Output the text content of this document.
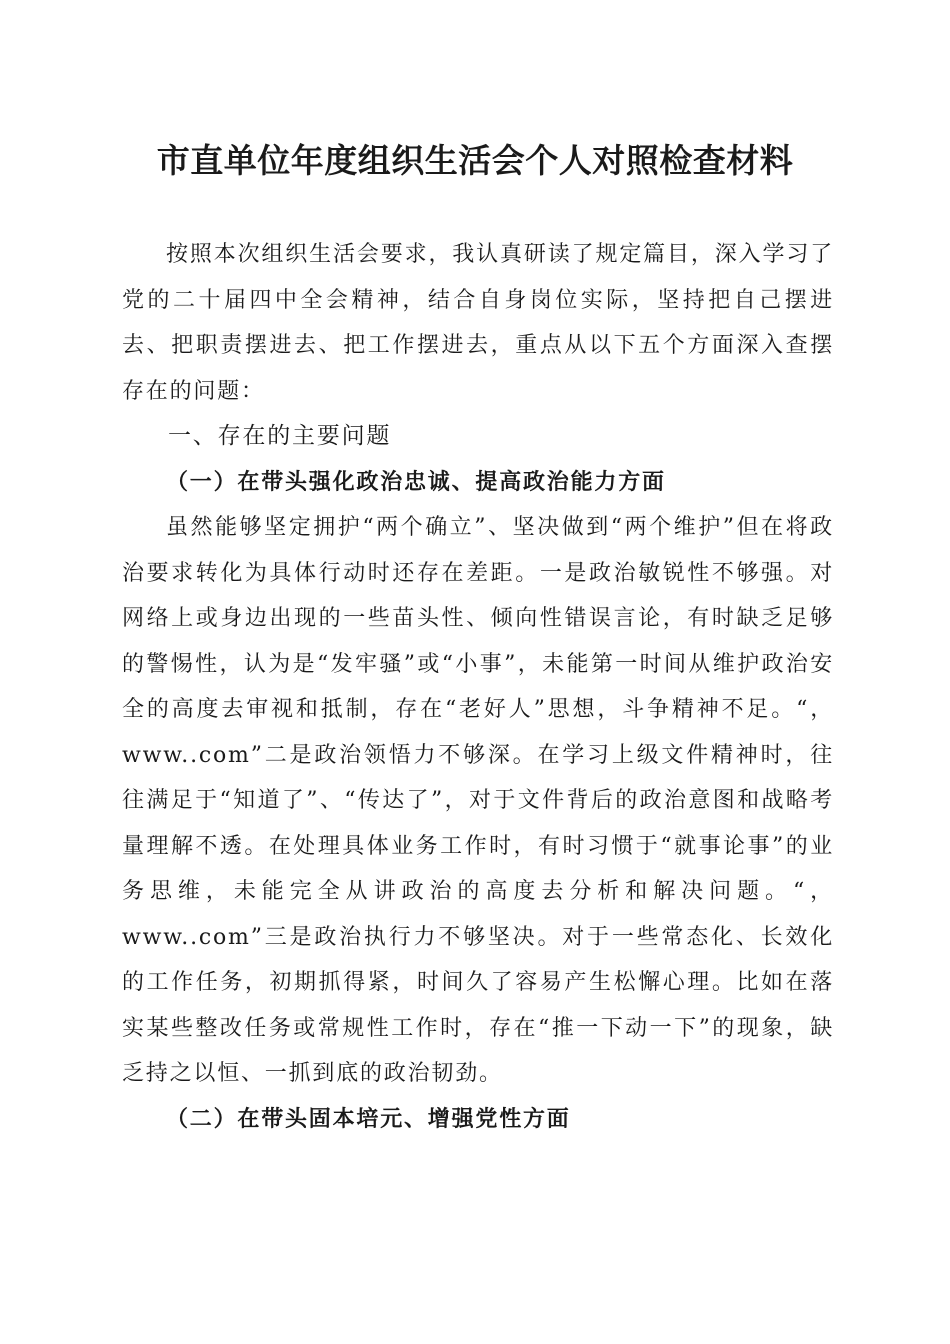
市直单位年度组织生活会个人对照检查材料

按照本次组织生活会要求，我认真研读了规定篇目，深入学习了党的二十届四中全会精神，结合自身岗位实际，坚持把自己摆进去、把职责摆进去、把工作摆进去，重点从以下五个方面深入查摆存在的问题：

一、存在的主要问题
（一）在带头强化政治忠诚、提高政治能力方面

虽然能够坚定拥护“两个确立”、坚决做到“两个维护”但在将政治要求转化为具体行动时还存在差距。一是政治敏锐性不够强。对网络上或身边出现的一些苗头性、倾向性错误言论，有时缺乏足够的警惕性，认为是“发牢骚”或“小事”，未能第一时间从维护政治安全的高度去审视和抵制，存在“老好人”思想，斗争精神不足。“，www..com”二是政治领悟力不够深。在学习上级文件精神时，往往满足于“知道了”、“传达了”，对于文件背后的政治意图和战略考量理解不透。在处理具体业务工作时，有时习惯于“就事论事”的业务思维，未能完全从讲政治的高度去分析和解决问题。“，www..com”三是政治执行力不够坚决。对于一些常态化、长效化的工作任务，初期抓得紧，时间久了容易产生松懈心理。比如在落实某些整改任务或常规性工作时，存在“推一下动一下”的现象，缺乏持之以恒、一抓到底的政治韧劲。

（二）在带头固本培元、增强党性方面
